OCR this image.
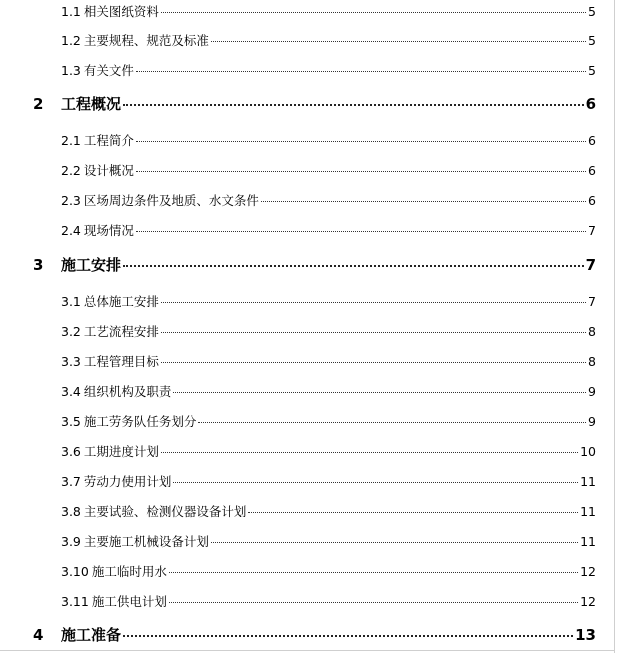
1.1 相关图纸资料	5
1.2 主要规程、规范及标准	5
1.3 有关文件	5
2	工程概况	6
2.1 工程简介	6
2.2 设计概况	6
2.3 区场周边条件及地质、水文条件	6
2.4 现场情况	7
3	施工安排	7
3.1 总体施工安排	7
3.2 工艺流程安排	8
3.3 工程管理目标	8
3.4 组织机构及职责	9
3.5 施工劳务队任务划分	9
3.6 工期进度计划	10
3.7 劳动力使用计划	11
3.8 主要试验、检测仪器设备计划	11
3.9 主要施工机械设备计划	11
3.10 施工临时用水	12
3.11 施工供电计划	12
4	施工准备	13
